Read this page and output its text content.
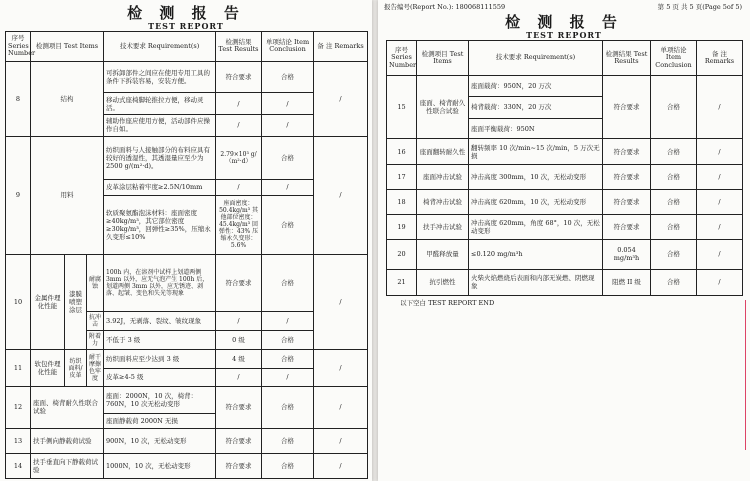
检 测 报 告
TEST REPORT
序号 Series Number	检测项目 Test Items			技术要求 Requirement(s)	检测结果 Test Results	单项结论 Item Conclusion	备 注 Remarks
8	结构			可拆卸部件之间应在使用专用工具的条件下拆装容易，安装方便。	符合要求	合格	/
				移动式座椅脚轮推拉方便，移动灵活。	/	/	
				辅助作座应使用方便，活动部件应操作自如。	/	/	
9	用料			纺织面料与人接触部分的布料应具有较好的透湿性，其透湿量应至少为 2500 g/(m²·d)。	2.79×10³ g/（m²·d）	合格	/
				皮革涂层粘着牢度≥2.5N/10mm	/	/	
				软质聚氨酯泡沫材料：座面密度≥40kg/m³，其它部位密度≥30kg/m³，回弹性≥35%，压缩永久变形≤10%	座面密度：50.4kg/m³ 其他部位密度：45.4kg/m³ 回弹性：43% 压缩永久变形：5.6%	合格	
10	金属件理化性能	漆膜喷塑涂层	耐腐蚀	100h 内，在溶剂中试样上划道两侧 3mm 以外，应无气泡产生 100h 后，划道两侧 3mm 以外，应无锈迹、剥落、起皱、变色和失光等现象	符合要求	合格	/
			抗冲击	3.92J，无剥落、裂纹、皱纹现象	/	/	
			附着力	不低于 3 级	0 级	合格	
11	软包件理化性能	纺织面料/皮革	耐干摩擦色牢度	纺织面料应至少达到 3 级	4 级	合格	/
				皮革≥4-5 级	/	/	
12	座面、椅背耐久性联合试验			座面：2000N，10 次，椅背：760N，10 次无松动变形	符合要求	合格	/
				座面静载荷 2000N 无损			
13	扶手侧向静载荷试验			900N，10 次，无松动变形	符合要求	合格	/
14	扶手垂直向下静载荷试验			1000N，10 次，无松动变形	符合要求	合格	/
报告编号(Report No.): 180068111559	第 5 页 共 5 页(Page 5of 5)
检 测 报 告
TEST REPORT
序号 Series Number	检测项目 Test Items	技术要求 Requirement(s)	检测结果 Test Results	单项结论 Item Conclusion	备 注 Remarks
15	座面、椅背耐久性联合试验	座面载荷：950N，20 万次	符合要求	合格	/
		椅背载荷：330N，20 万次			
		座面平衡载荷：950N			
16	座面翻转耐久性	翻转频率 10 次/min~15 次/min，5 万次无损	符合要求	合格	/
17	座面冲击试验	冲击高度 300mm，10 次，无松动变形	符合要求	合格	/
18	椅背冲击试验	冲击高度 620mm，10 次，无松动变形	符合要求	合格	/
19	扶手冲击试验	冲击高度 620mm，角度 68°，10 次，无松动变形	符合要求	合格	/
20	甲醛释放量	≤0.120 mg/m³h	0.054 mg/m³h	合格	/
21	抗引燃性	火柴火焰燃烧后表面和内部无炭燃、阴燃现象	阻燃 II 级	合格	/
以下空白 TEST REPORT END
